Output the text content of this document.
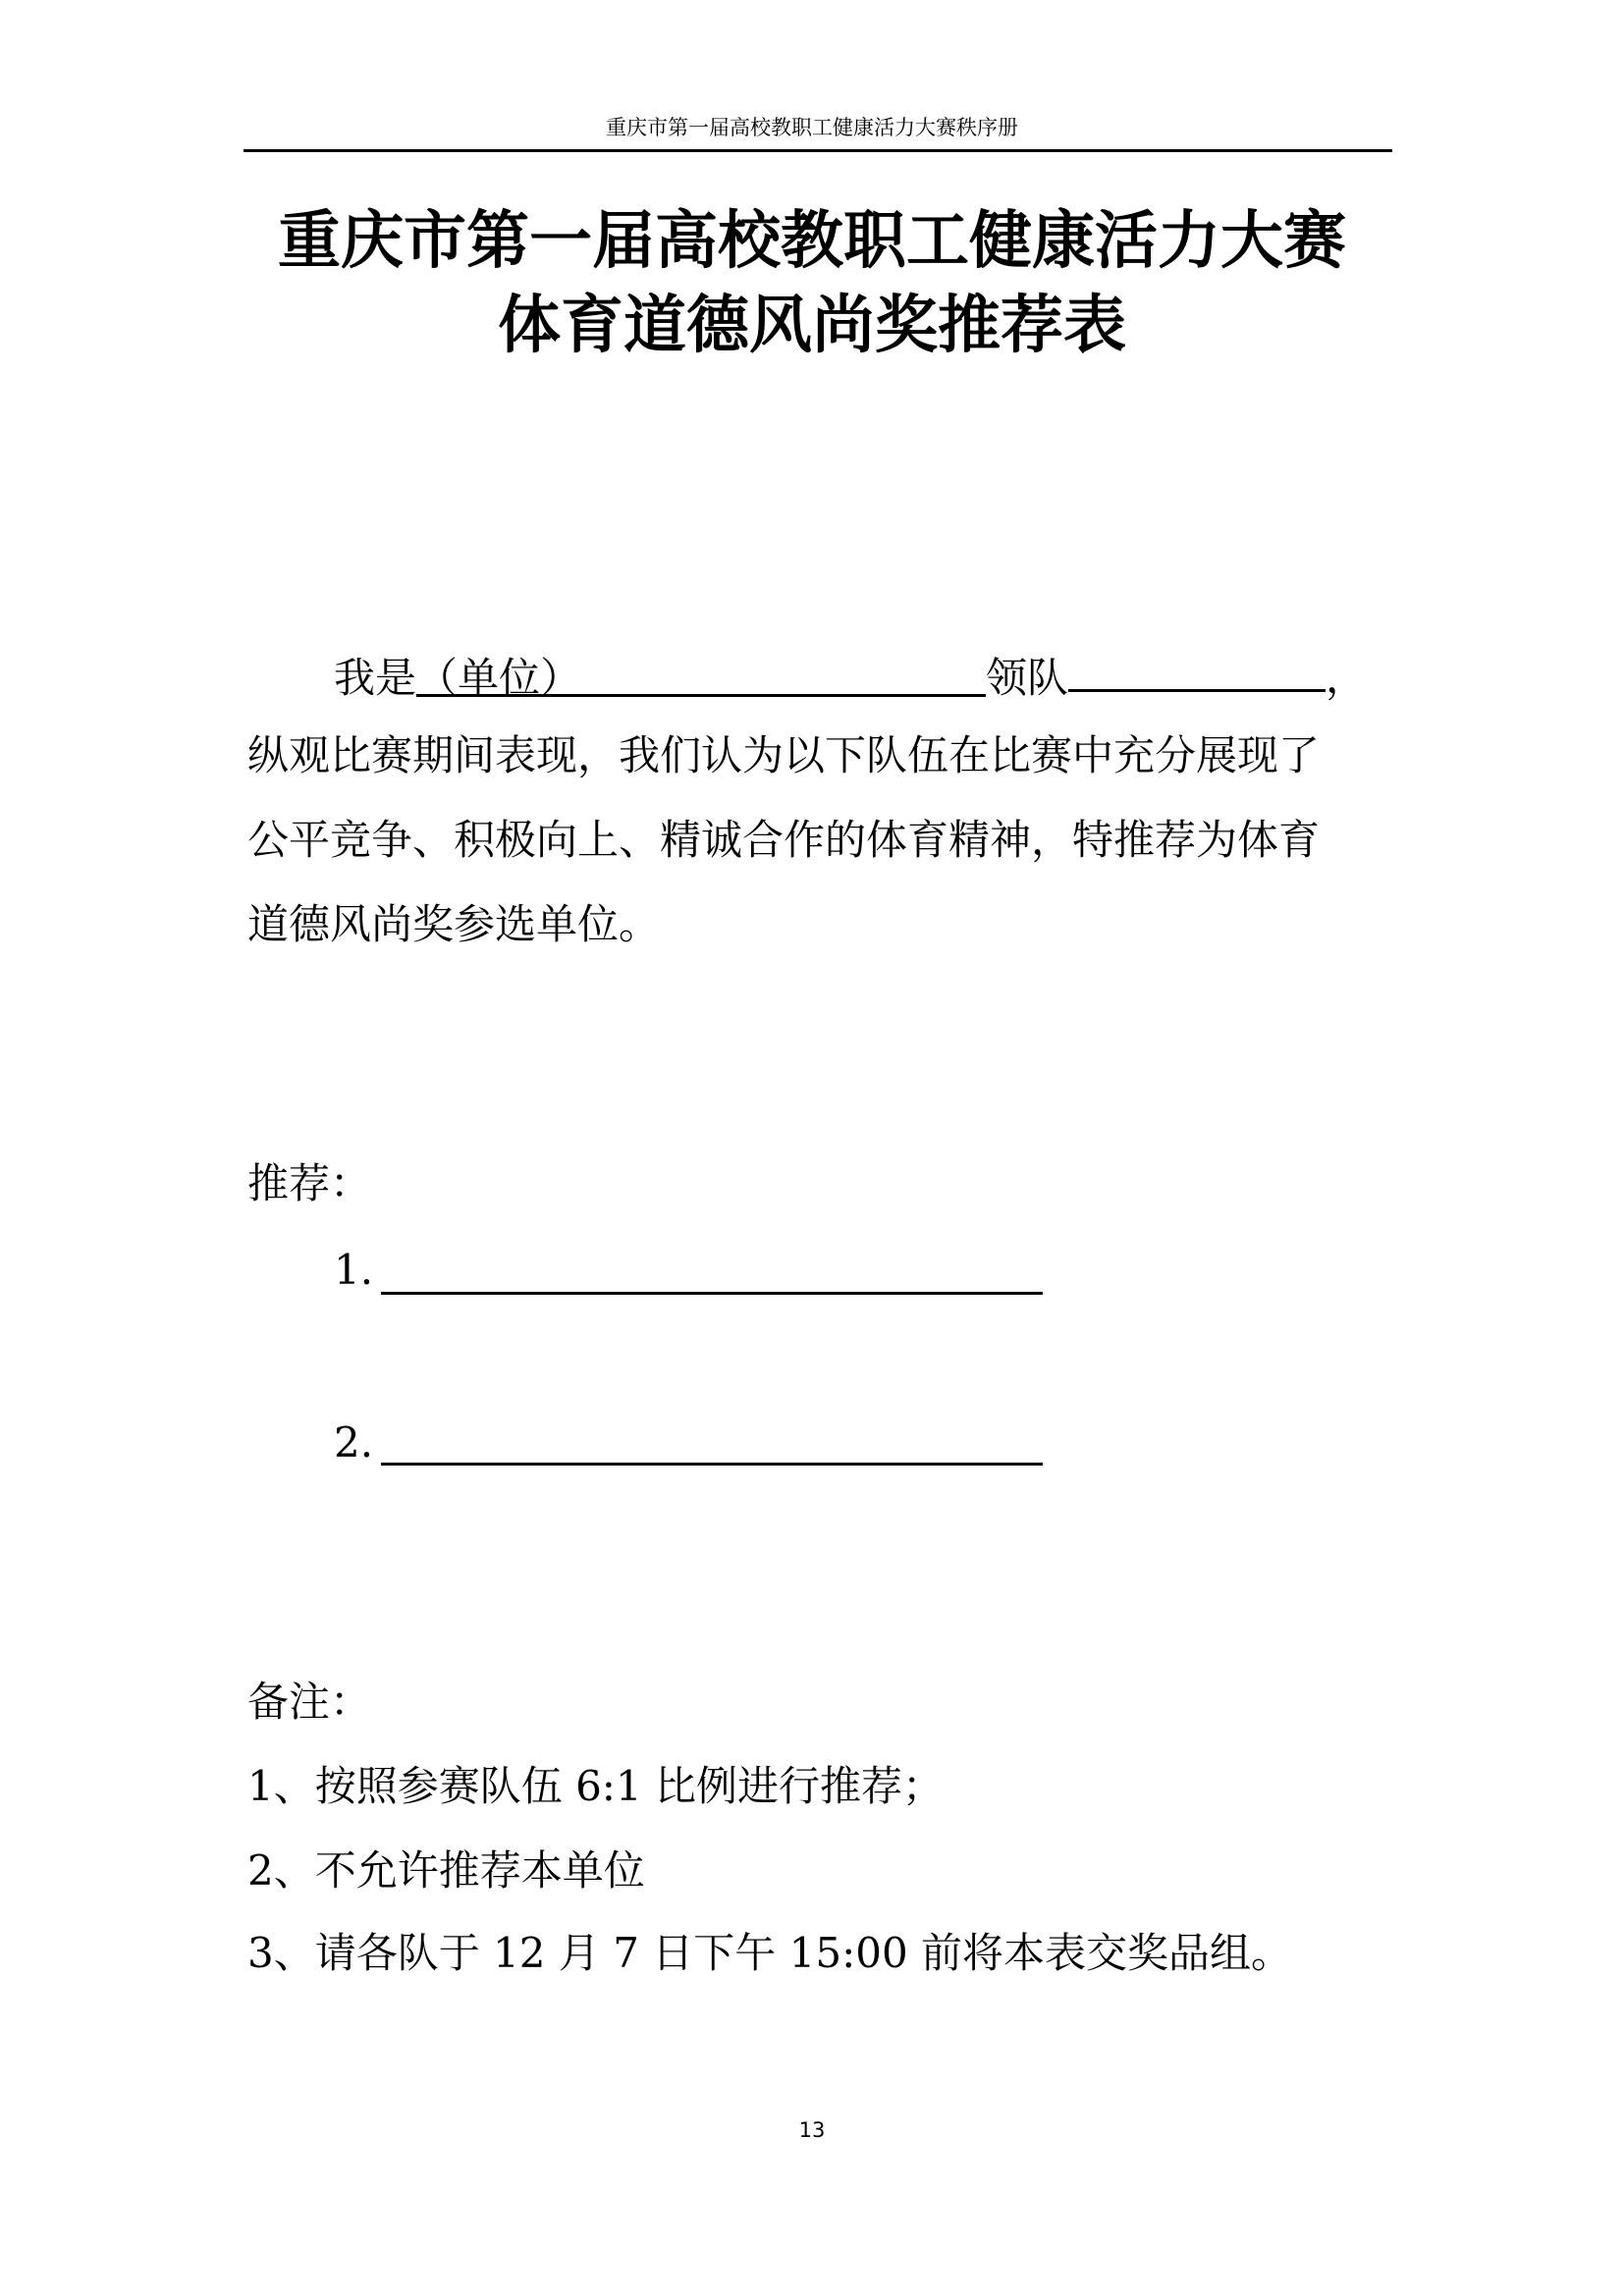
重庆市第一届高校教职工健康活力大赛秩序册
重庆市第一届高校教职工健康活力大赛
体育道德风尚奖推荐表
我是（单位）	领队	，
纵观比赛期间表现，我们认为以下队伍在比赛中充分展现了
公平竞争、积极向上、精诚合作的体育精神，特推荐为体育
道德风尚奖参选单位。
推荐：
1.
2.
备注：
1、按照参赛队伍 6:1 比例进行推荐；
2、不允许推荐本单位
3、请各队于 12 月 7 日下午 15:00 前将本表交奖品组。
13
